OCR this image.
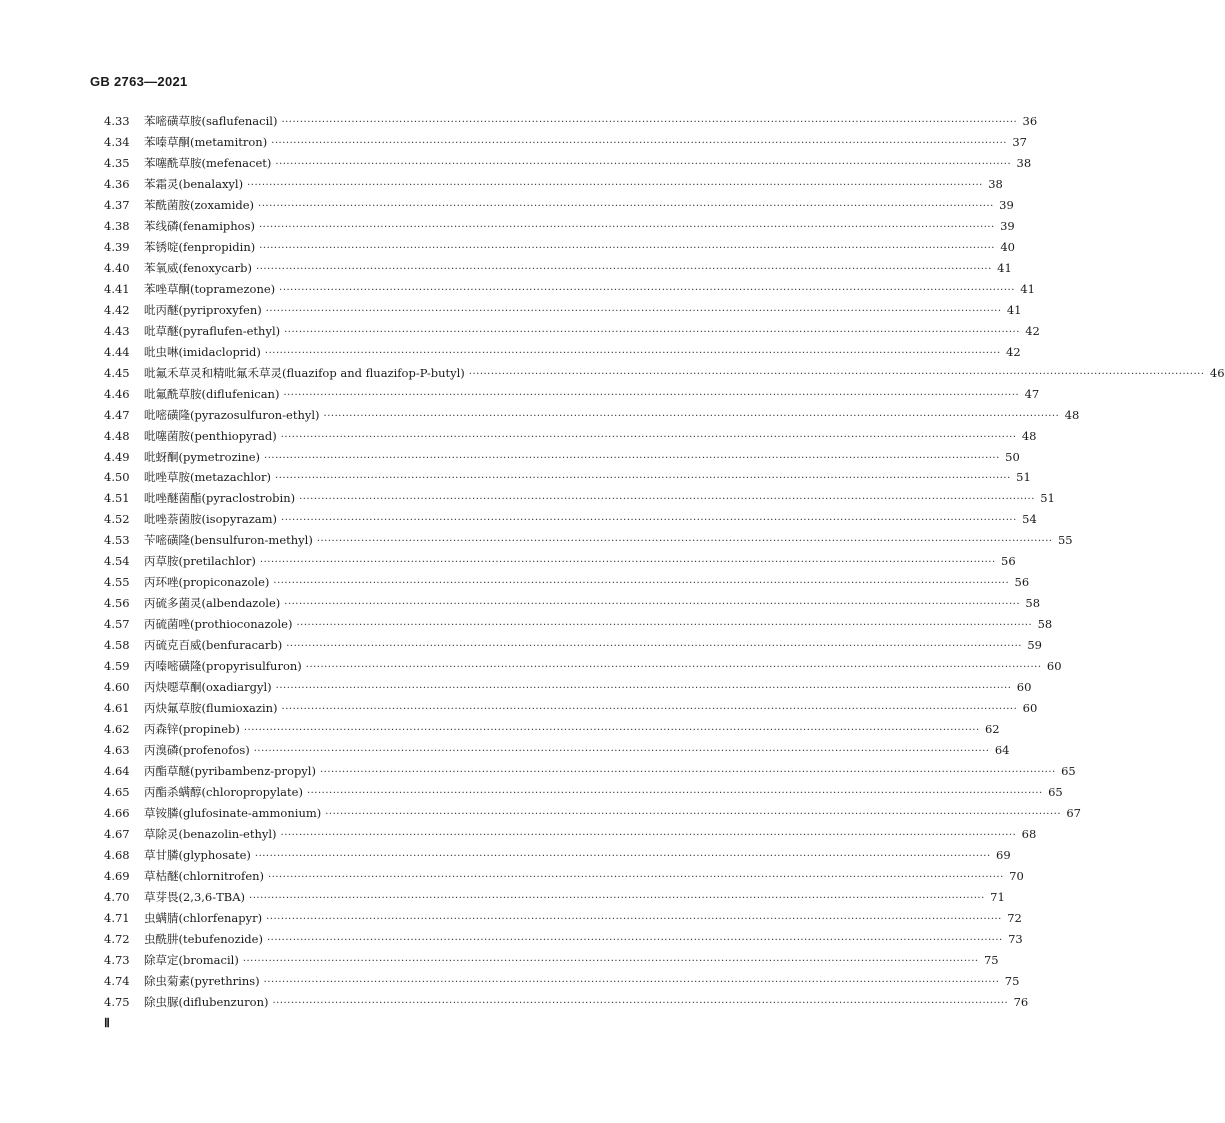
GB 2763—2021
4.33	苯嘧磺草胺(saflufenacil) ········································································································································································································ 36
4.34	苯嗪草酮(metamitron) ········································································································································································································ 37
4.35	苯噻酰草胺(mefenacet) ········································································································································································································ 38
4.36	苯霜灵(benalaxyl) ········································································································································································································ 38
4.37	苯酰菌胺(zoxamide) ········································································································································································································ 39
4.38	苯线磷(fenamiphos) ········································································································································································································ 39
4.39	苯锈啶(fenpropidin) ········································································································································································································ 40
4.40	苯氧威(fenoxycarb) ········································································································································································································ 41
4.41	苯唑草酮(topramezone) ········································································································································································································ 41
4.42	吡丙醚(pyriproxyfen) ········································································································································································································ 41
4.43	吡草醚(pyraflufen-ethyl) ········································································································································································································ 42
4.44	吡虫啉(imidacloprid) ········································································································································································································ 42
4.45	吡氟禾草灵和精吡氟禾草灵(fluazifop and fluazifop-P-butyl) ········································································································································································································ 46
4.46	吡氟酰草胺(diflufenican) ········································································································································································································ 47
4.47	吡嘧磺隆(pyrazosulfuron-ethyl) ········································································································································································································ 48
4.48	吡噻菌胺(penthiopyrad) ········································································································································································································ 48
4.49	吡蚜酮(pymetrozine) ········································································································································································································ 50
4.50	吡唑草胺(metazachlor) ········································································································································································································ 51
4.51	吡唑醚菌酯(pyraclostrobin) ········································································································································································································ 51
4.52	吡唑萘菌胺(isopyrazam) ········································································································································································································ 54
4.53	苄嘧磺隆(bensulfuron-methyl) ········································································································································································································ 55
4.54	丙草胺(pretilachlor) ········································································································································································································ 56
4.55	丙环唑(propiconazole) ········································································································································································································ 56
4.56	丙硫多菌灵(albendazole) ········································································································································································································ 58
4.57	丙硫菌唑(prothioconazole) ········································································································································································································ 58
4.58	丙硫克百威(benfuracarb) ········································································································································································································ 59
4.59	丙嗪嘧磺隆(propyrisulfuron) ········································································································································································································ 60
4.60	丙炔噁草酮(oxadiargyl) ········································································································································································································ 60
4.61	丙炔氟草胺(flumioxazin) ········································································································································································································ 60
4.62	丙森锌(propineb) ········································································································································································································ 62
4.63	丙溴磷(profenofos) ········································································································································································································ 64
4.64	丙酯草醚(pyribambenz-propyl) ········································································································································································································ 65
4.65	丙酯杀螨醇(chloropropylate) ········································································································································································································ 65
4.66	草铵膦(glufosinate-ammonium) ········································································································································································································ 67
4.67	草除灵(benazolin-ethyl) ········································································································································································································ 68
4.68	草甘膦(glyphosate) ········································································································································································································ 69
4.69	草枯醚(chlornitrofen) ········································································································································································································ 70
4.70	草芽畏(2,3,6-TBA) ········································································································································································································ 71
4.71	虫螨腈(chlorfenapyr) ········································································································································································································ 72
4.72	虫酰肼(tebufenozide) ········································································································································································································ 73
4.73	除草定(bromacil) ········································································································································································································ 75
4.74	除虫菊素(pyrethrins) ········································································································································································································ 75
4.75	除虫脲(diflubenzuron) ········································································································································································································ 76
Ⅱ
